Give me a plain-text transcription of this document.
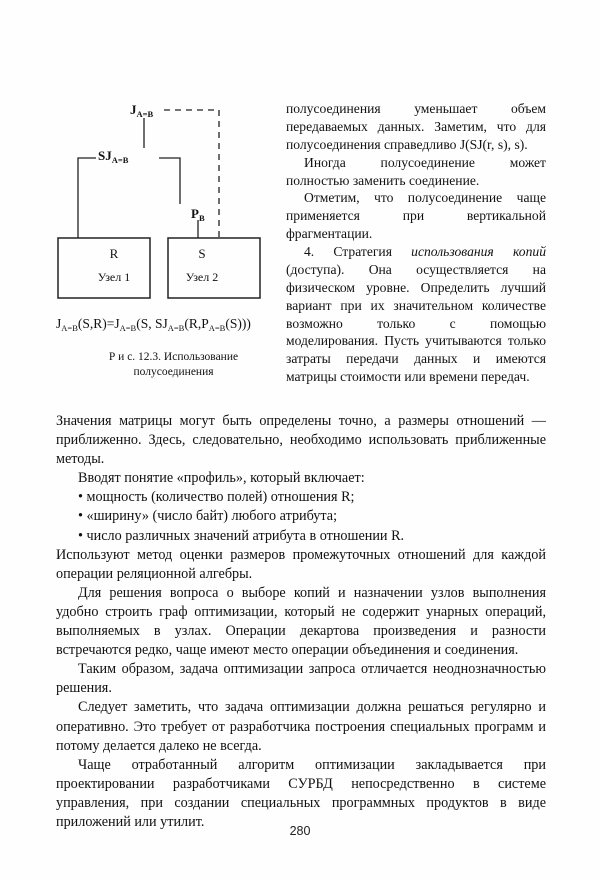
$J_{A=B}$
$SJ_{A=B}$
$P_B$
R
Узел 1
S
Узел 2
$J_{A=B}(S,R)=J_{A=B}(S$, $SJ_{A=B}(R,P_{A=B}(S))$)
Р и с. 12.3. Использование
полусоединения

полусоединения уменьшает объем передаваемых данных. Заметим, что для полусоединения справедливо J(SJ(r, s), s).

Иногда полусоединение может полностью заменить соединение.

Отметим, что полусоединение чаще применяется при вертикальной фрагментации.

4. Стратегия использования копий (доступа). Она осуществляется на физическом уровне. Определить лучший вариант при их значительном количестве возможно только с помощью моделирования. Пусть учитываются только затраты передачи данных и имеются матрицы стоимости или времени передач.

Значения матрицы могут быть определены точно, а размеры отношений — приближенно. Здесь, следовательно, необходимо использовать приближенные методы.

Вводят понятие «профиль», который включает:

• мощность (количество полей) отношения R;

• «ширину» (число байт) любого атрибута;

• число различных значений атрибута в отношении R.

Используют метод оценки размеров промежуточных отношений для каждой операции реляционной алгебры.

Для решения вопроса о выборе копий и назначении узлов выполнения удобно строить граф оптимизации, который не содержит унарных операций, выполняемых в узлах. Операции декартова произведения и разности встречаются редко, чаще имеют место операции объединения и соединения.

Таким образом, задача оптимизации запроса отличается неоднозначностью решения.

Следует заметить, что задача оптимизации должна решаться регулярно и оперативно. Это требует от разработчика построения специальных программ и потому делается далеко не всегда.

Чаще отработанный алгоритм оптимизации закладывается при проектировании разработчиками СУРБД непосредственно в системе управления, при создании специальных программных продуктов в виде приложений или утилит.

280
